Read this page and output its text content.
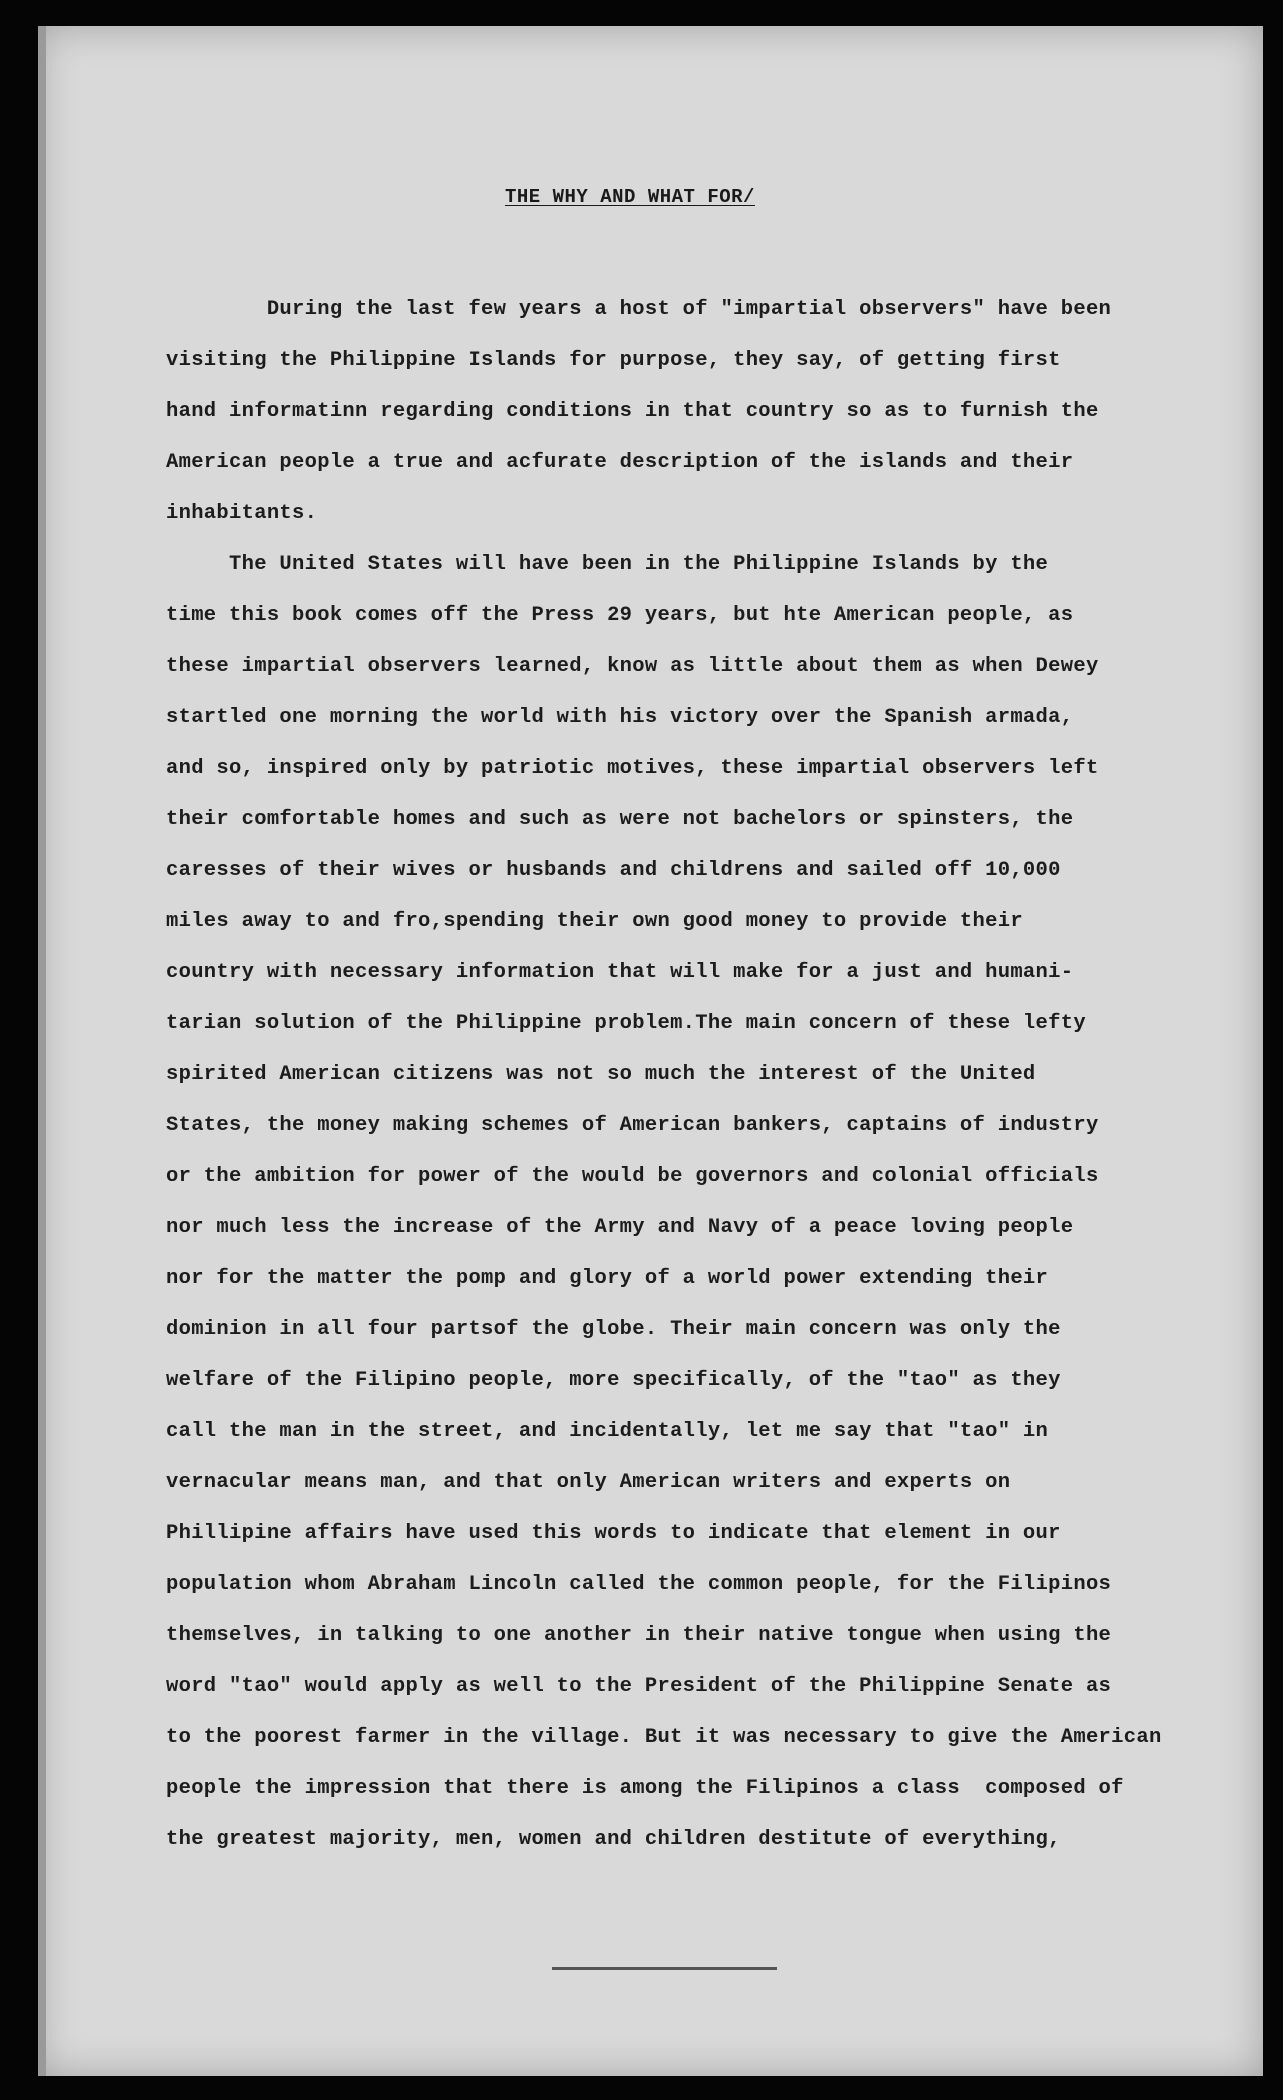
THE WHY AND WHAT FOR/
During the last few years a host of "impartial observers" have been
visiting the Philippine Islands for purpose, they say, of getting first
hand informatinn regarding conditions in that country so as to furnish the
American people a true and acfurate description of the islands and their
inhabitants.
The United States will have been in the Philippine Islands by the
time this book comes off the Press 29 years, but hte American people, as
these impartial observers learned, know as little about them as when Dewey
startled one morning the world with his victory over the Spanish armada,
and so, inspired only by patriotic motives, these impartial observers left
their comfortable homes and such as were not bachelors or spinsters, the
caresses of their wives or husbands and childrens and sailed off 10,000
miles away to and fro,spending their own good money to provide their
country with necessary information that will make for a just and humani-
tarian solution of the Philippine problem.The main concern of these lefty
spirited American citizens was not so much the interest of the United
States, the money making schemes of American bankers, captains of industry
or the ambition for power of the would be governors and colonial officials
nor much less the increase of the Army and Navy of a peace loving people
nor for the matter the pomp and glory of a world power extending their
dominion in all four partsof the globe. Their main concern was only the
welfare of the Filipino people, more specifically, of the "tao" as they
call the man in the street, and incidentally, let me say that "tao" in
vernacular means man, and that only American writers and experts on
Phillipine affairs have used this words to indicate that element in our
population whom Abraham Lincoln called the common people, for the Filipinos
themselves, in talking to one another in their native tongue when using the
word "tao" would apply as well to the President of the Philippine Senate as
to the poorest farmer in the village. But it was necessary to give the American
people the impression that there is among the Filipinos a class  composed of
the greatest majority, men, women and children destitute of everything,
